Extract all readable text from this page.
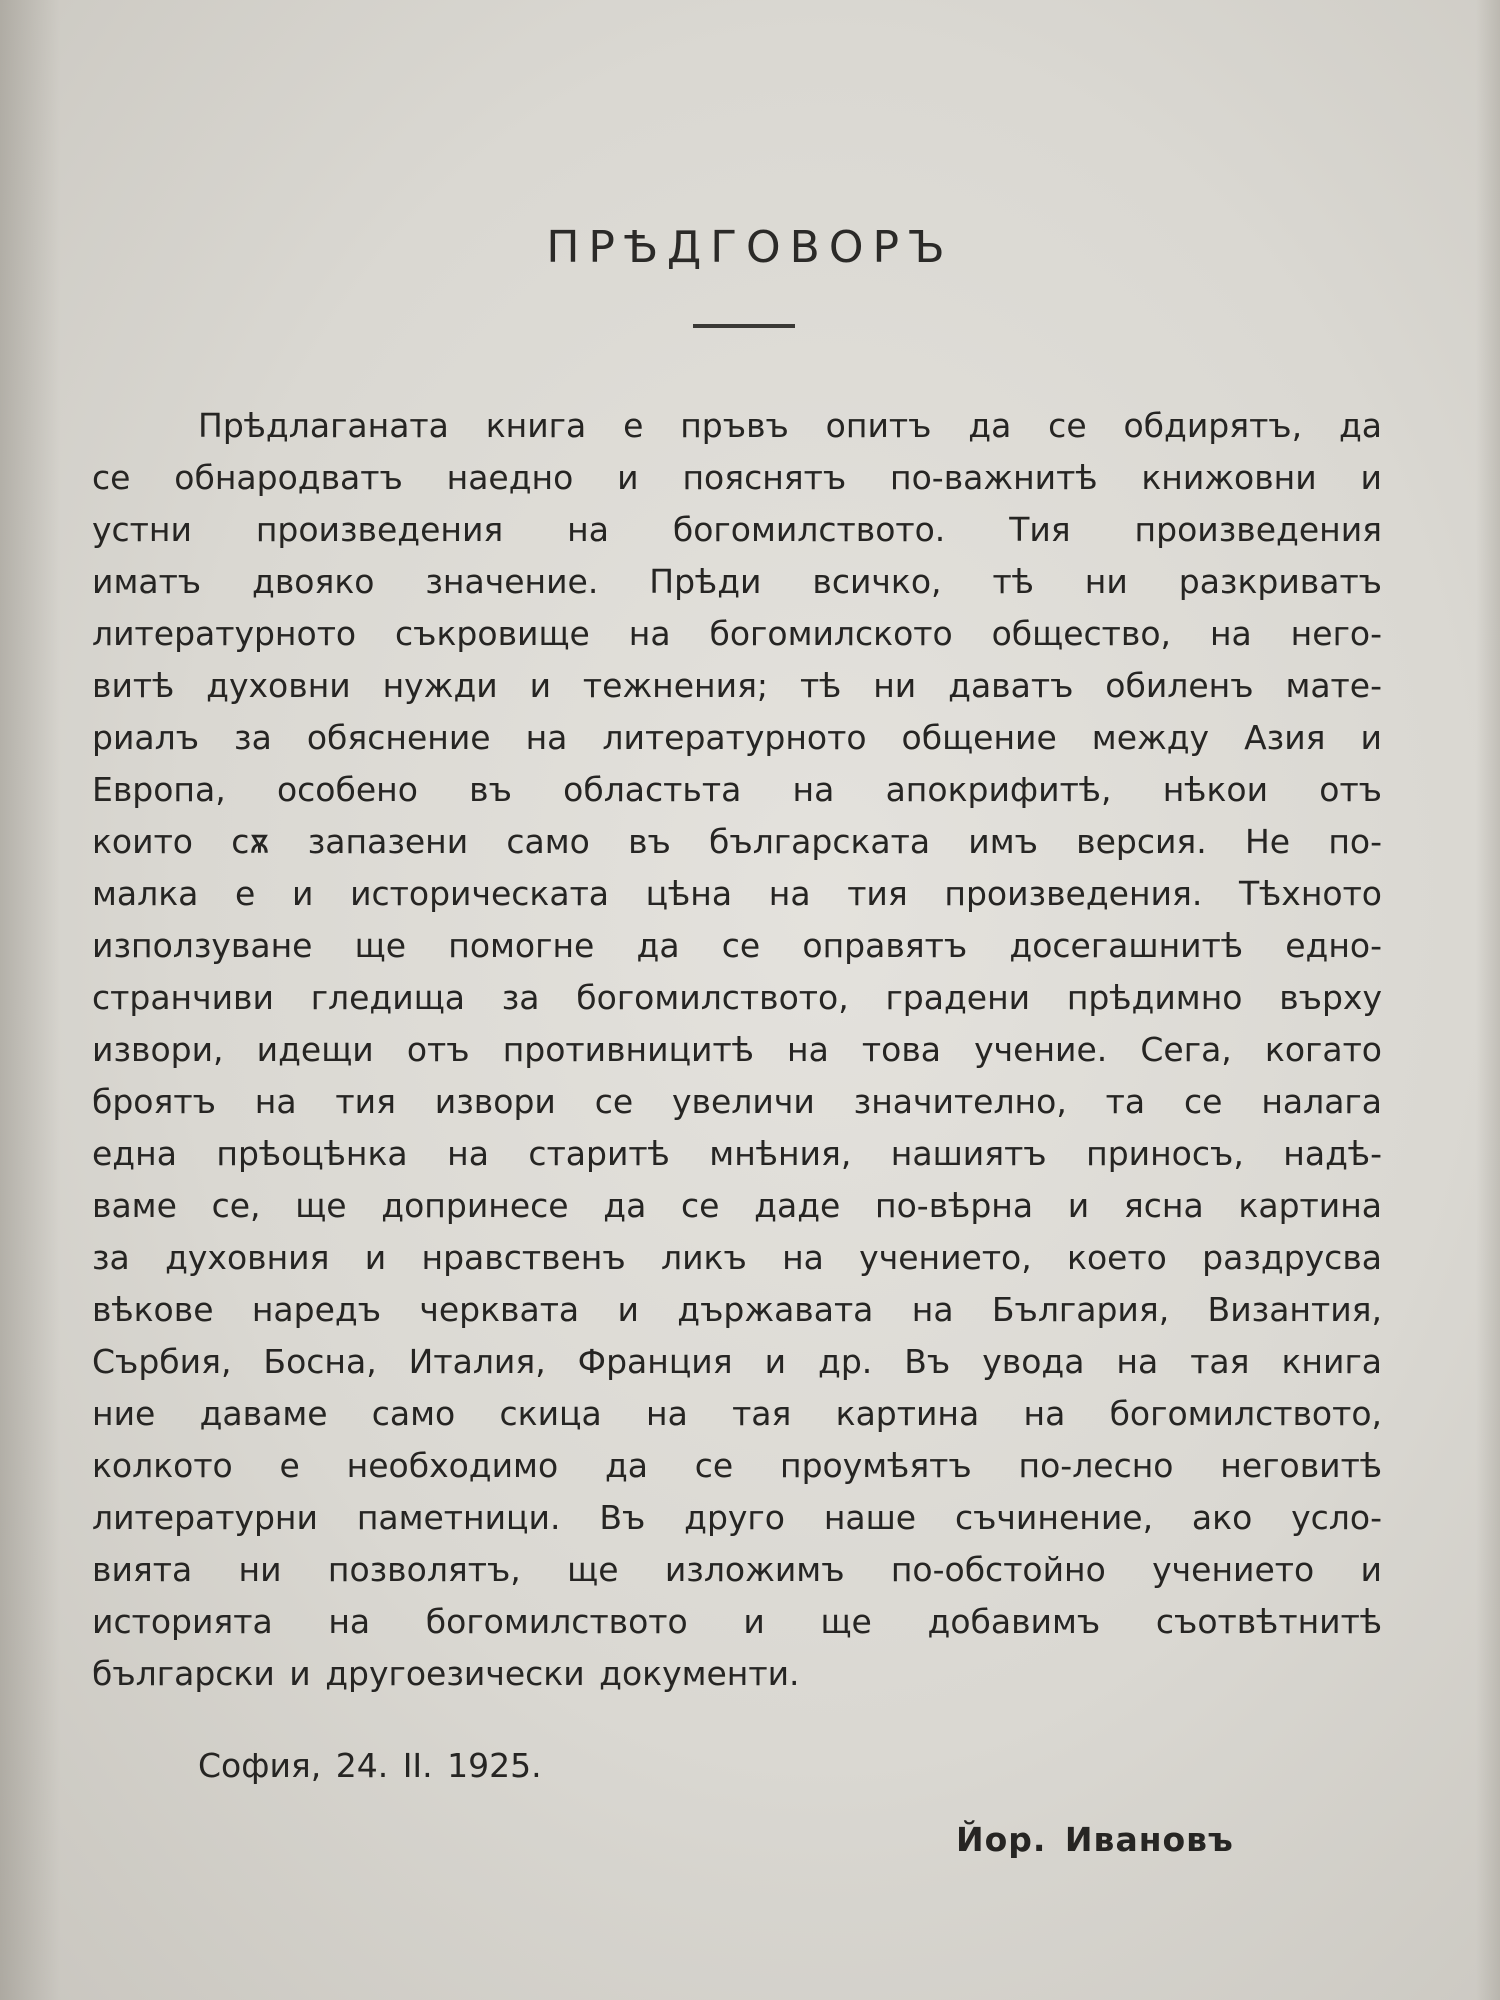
ПРѢДГОВОРЪ
Прѣдлаганата книга е пръвъ опитъ да се обдирятъ, да
се обнародватъ наедно и пояснятъ по-важнитѣ книжовни и
устни произведения на богомилството. Тия произведения
иматъ двояко значение. Прѣди всичко, тѣ ни разкриватъ
литературното съкровище на богомилското общество, на него-
витѣ духовни нужди и тежнения; тѣ ни даватъ обиленъ мате-
риалъ за обяснение на литературното общение между Азия и
Европа, особено въ областьта на апокрифитѣ, нѣкои отъ
които сѫ запазени само въ българската имъ версия. Не по-
малка е и историческата цѣна на тия произведения. Тѣхното
използуване ще помогне да се оправятъ досегашнитѣ едно-
странчиви гледища за богомилството, градени прѣдимно върху
извори, идещи отъ противницитѣ на това учение. Сега, когато
броятъ на тия извори се увеличи значително, та се налага
една прѣоцѣнка на старитѣ мнѣния, нашиятъ приносъ, надѣ-
ваме се, ще допринесе да се даде по-вѣрна и ясна картина
за духовния и нравственъ ликъ на учението, което раздрусва
вѣкове наредъ черквата и държавата на България, Византия,
Сърбия, Босна, Италия, Франция и др. Въ увода на тая книга
ние даваме само скица на тая картина на богомилството,
колкото е необходимо да се проумѣятъ по-лесно неговитѣ
литературни паметници. Въ друго наше съчинение, ако усло-
вията ни позволятъ, ще изложимъ по-обстойно учението и
историята на богомилството и ще добавимъ съотвѣтнитѣ
български и другоезически документи.
София, 24. II. 1925.
Йор. Ивановъ
